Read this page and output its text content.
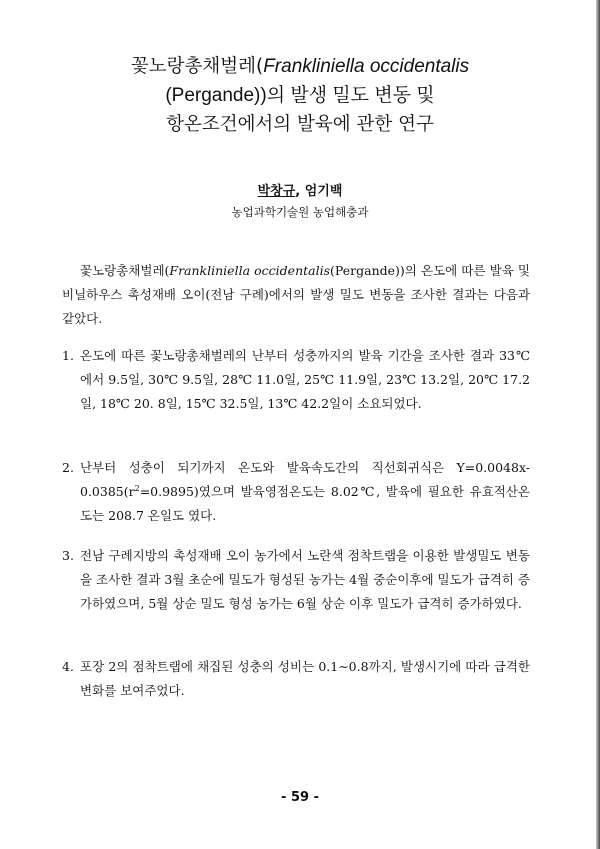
꽃노랑총채벌레(Frankliniella occidentalis
(Pergande))의 발생 밀도 변동 및
항온조건에서의 발육에 관한 연구
박창규, 엄기백
농업과학기술원 농업해충과
꽃노랑총채벌레(Frankliniella occidentalis(Pergande))의 온도에 따른 발육 및 비닐하우스 촉성재배 오이(전남 구례)에서의 발생 밀도 변동을 조사한 결과는 다음과 같았다.
1. 온도에 따른 꽃노랑총채벌레의 난부터 성충까지의 발육 기간을 조사한 결과 33℃에서 9.5일, 30℃ 9.5일, 28℃ 11.0일, 25℃ 11.9일, 23℃ 13.2일, 20℃ 17.2일, 18℃ 20. 8일, 15℃ 32.5일, 13℃ 42.2일이 소요되었다.
2. 난부터 성충이 되기까지 온도와 발육속도간의 직선회귀식은 $Y=0.0048x-0.0385(r^2=0.9895)$였으며 발육영점온도는 8.02℃, 발육에 필요한 유효적산온도는 208.7 온일도 였다.
3. 전남 구례지방의 촉성재배 오이 농가에서 노란색 점착트랩을 이용한 발생밀도 변동을 조사한 결과 3월 초순에 밀도가 형성된 농가는 4월 중순이후에 밀도가 급격히 증가하였으며, 5월 상순 밀도 형성 농가는 6월 상순 이후 밀도가 급격히 증가하였다.
4. 포장 2의 점착트랩에 채집된 성충의 성비는 0.1∼0.8까지, 발생시기에 따라 급격한 변화를 보여주었다.
- 59 -
